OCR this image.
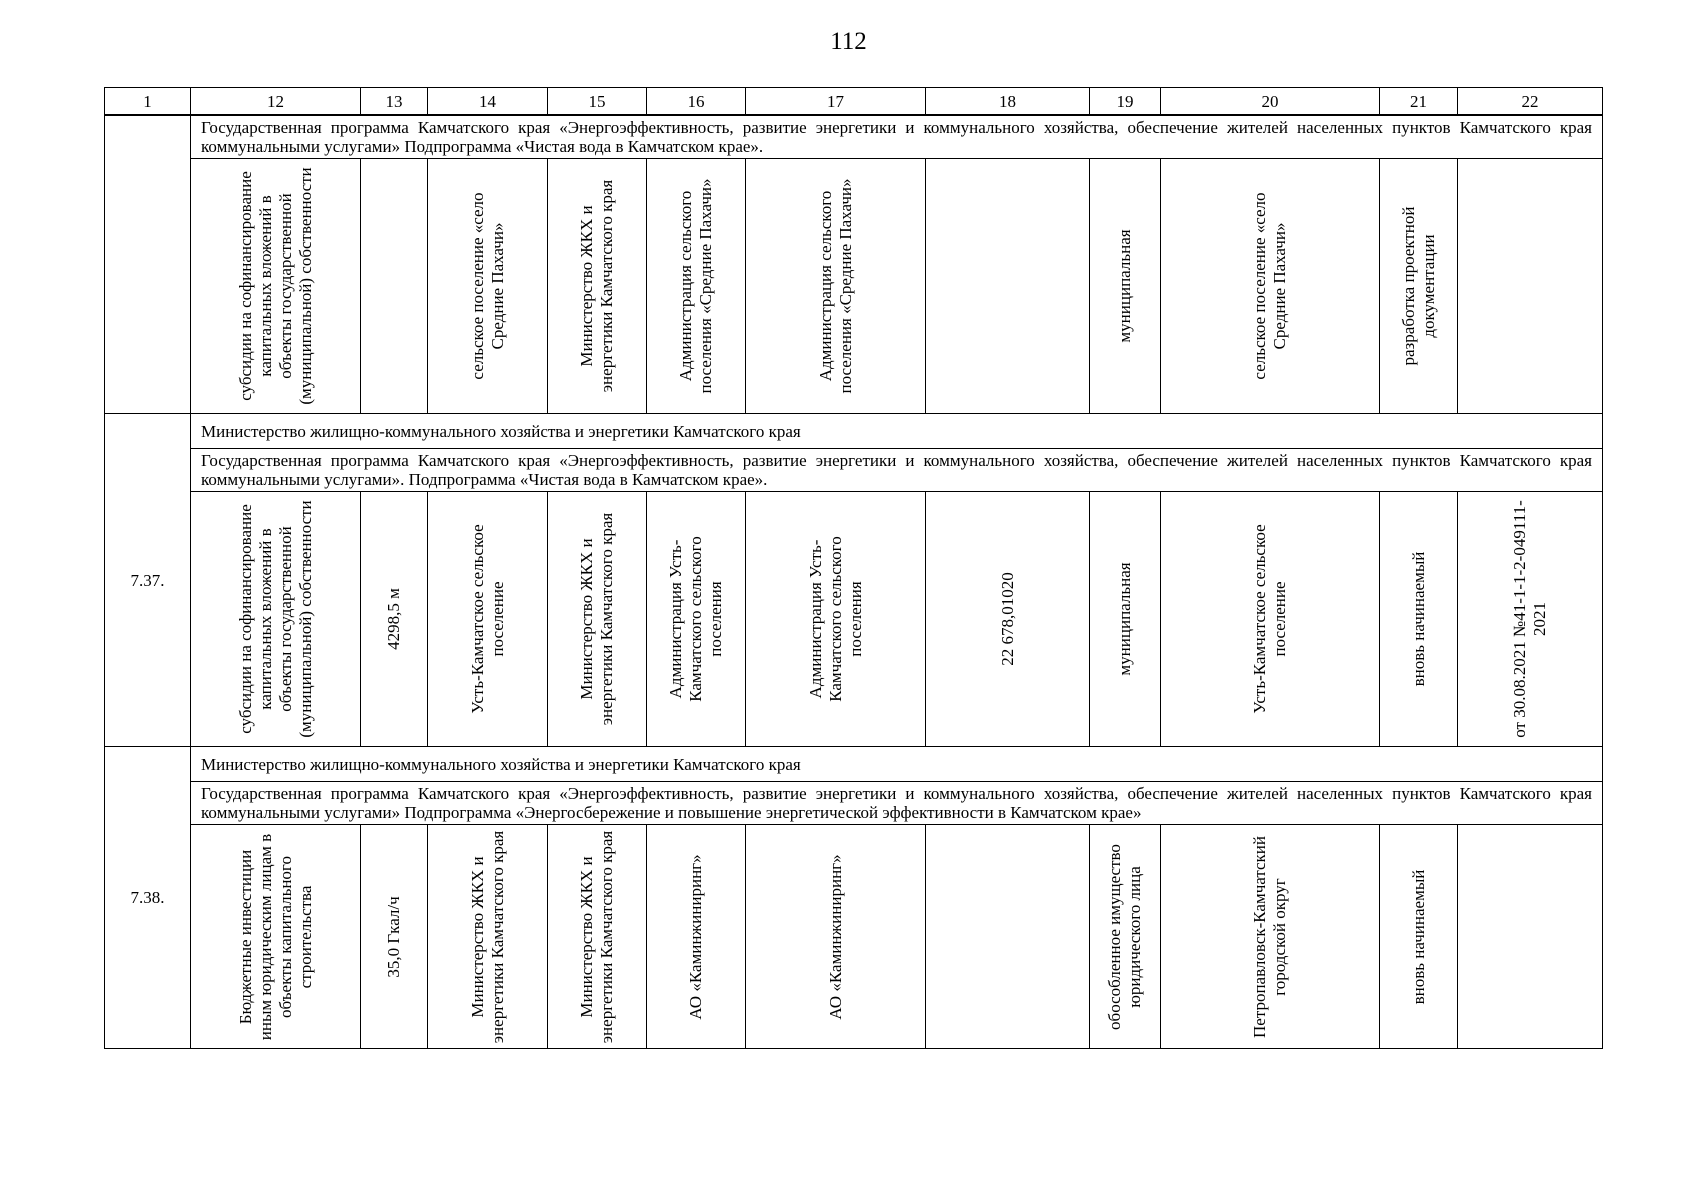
112
1	12	13	14	15	16	17	18	19	20	21	22
	Государственная программа Камчатского края «Энергоэффективность, развитие энергетики и коммунального хозяйства, обеспечение жителей населенных пунктов Камчатского края коммунальными услугами» Подпрограмма «Чистая вода в Камчатском крае».										

	субсидии на софинансирование капитальных вложений в объекты государственной (муниципальной) собственности		сельское поселение «село Средние Пахачи»	Министерство ЖКХ и энергетики Камчатского края	Администрация сельского поселения «Средние Пахачи»	Администрация сельского поселения «Средние Пахачи»		муниципальная	сельское поселение «село Средние Пахачи»	разработка проектной документации	

7.37.	Министерство жилищно-коммунального хозяйства и энергетики Камчатского края										
	Государственная программа Камчатского края «Энергоэффективность, развитие энергетики и коммунального хозяйства, обеспечение жителей населенных пунктов Камчатского края коммунальными услугами». Подпрограмма «Чистая вода в Камчатском крае».										

	субсидии на софинансирование капитальных вложений в объекты государственной (муниципальной) собственности	4298,5 м	Усть-Камчатское сельское поселение	Министерство ЖКХ и энергетики Камчатского края	Администрация Усть-Камчатского сельского поселения	Администрация Усть-Камчатского сельского поселения	22 678,01020	муниципальная	Усть-Камчатское сельское поселение	вновь начинаемый	от 30.08.2021 №41-1-1-2-049111-2021

7.38.	Министерство жилищно-коммунального хозяйства и энергетики Камчатского края										
	Государственная программа Камчатского края «Энергоэффективность, развитие энергетики и коммунального хозяйства, обеспечение жителей населенных пунктов Камчатского края коммунальными услугами» Подпрограмма «Энергосбережение и повышение энергетической эффективности в Камчатском крае»										

	Бюджетные инвестиции иным юридическим лицам в объекты капитального строительства	35,0 Гкал/ч	Министерство ЖКХ и энергетики Камчатского края	Министерство ЖКХ и энергетики Камчатского края	АО «Каминжиниринг»	АО «Каминжиниринг»		обособленное имущество юридического лица	Петропавловск-Камчатский городской округ	вновь начинаемый	
